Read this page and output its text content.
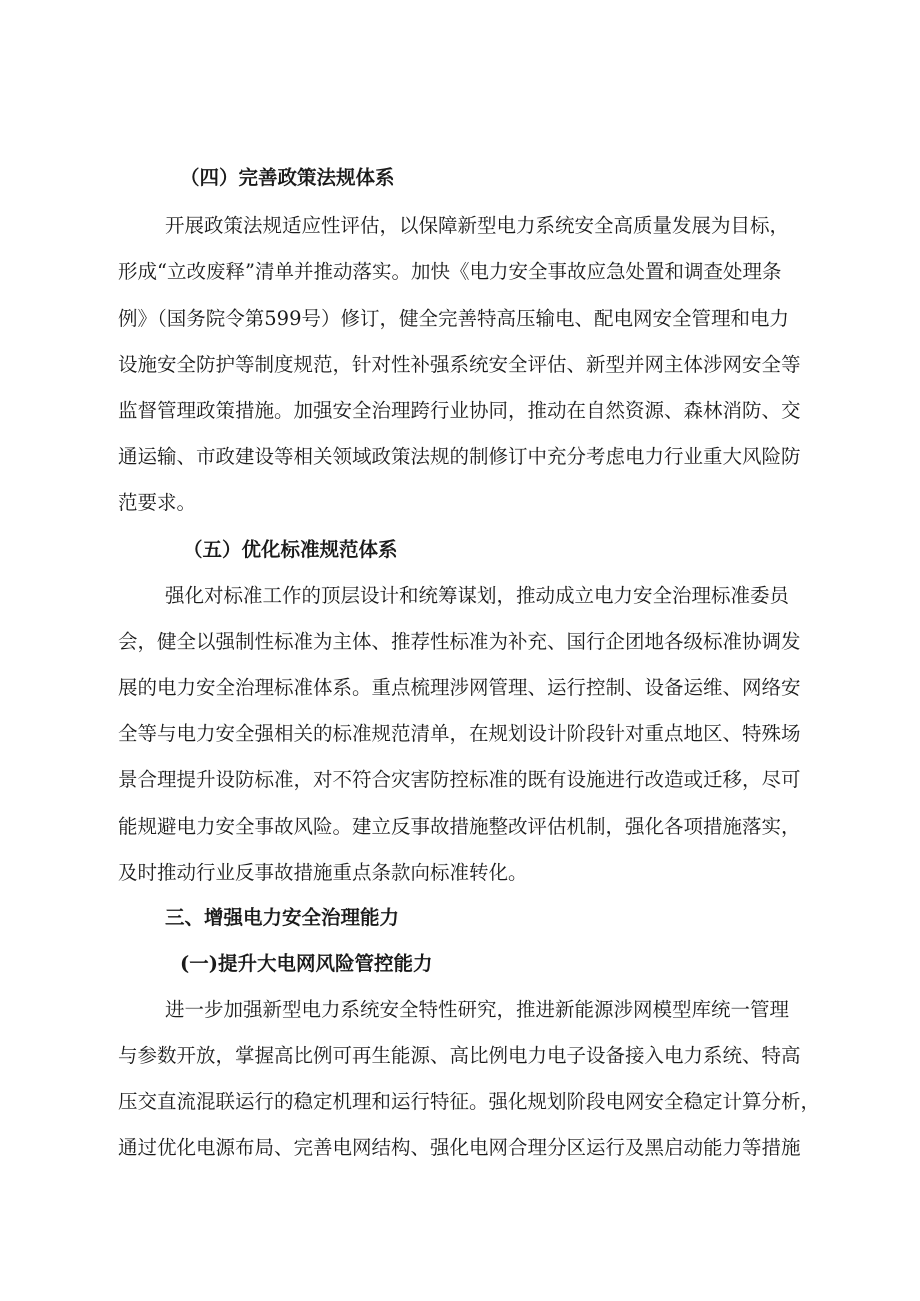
（四）完善政策法规体系
开展政策法规适应性评估，以保障新型电力系统安全高质量发展为目标，
形成“立改废释”清单并推动落实。加快《电力安全事故应急处置和调查处理条
例》（国务院令第599号）修订，健全完善特高压输电、配电网安全管理和电力
设施安全防护等制度规范，针对性补强系统安全评估、新型并网主体涉网安全等
监督管理政策措施。加强安全治理跨行业协同，推动在自然资源、森林消防、交
通运输、市政建设等相关领域政策法规的制修订中充分考虑电力行业重大风险防
范要求。
（五）优化标准规范体系
强化对标准工作的顶层设计和统筹谋划，推动成立电力安全治理标准委员
会，健全以强制性标准为主体、推荐性标准为补充、国行企团地各级标准协调发
展的电力安全治理标准体系。重点梳理涉网管理、运行控制、设备运维、网络安
全等与电力安全强相关的标准规范清单，在规划设计阶段针对重点地区、特殊场
景合理提升设防标准，对不符合灾害防控标准的既有设施进行改造或迁移，尽可
能规避电力安全事故风险。建立反事故措施整改评估机制，强化各项措施落实，
及时推动行业反事故措施重点条款向标准转化。
三、增强电力安全治理能力
(一)提升大电网风险管控能力
进一步加强新型电力系统安全特性研究，推进新能源涉网模型库统一管理
与参数开放，掌握高比例可再生能源、高比例电力电子设备接入电力系统、特高
压交直流混联运行的稳定机理和运行特征。强化规划阶段电网安全稳定计算分析，
通过优化电源布局、完善电网结构、强化电网合理分区运行及黑启动能力等措施
